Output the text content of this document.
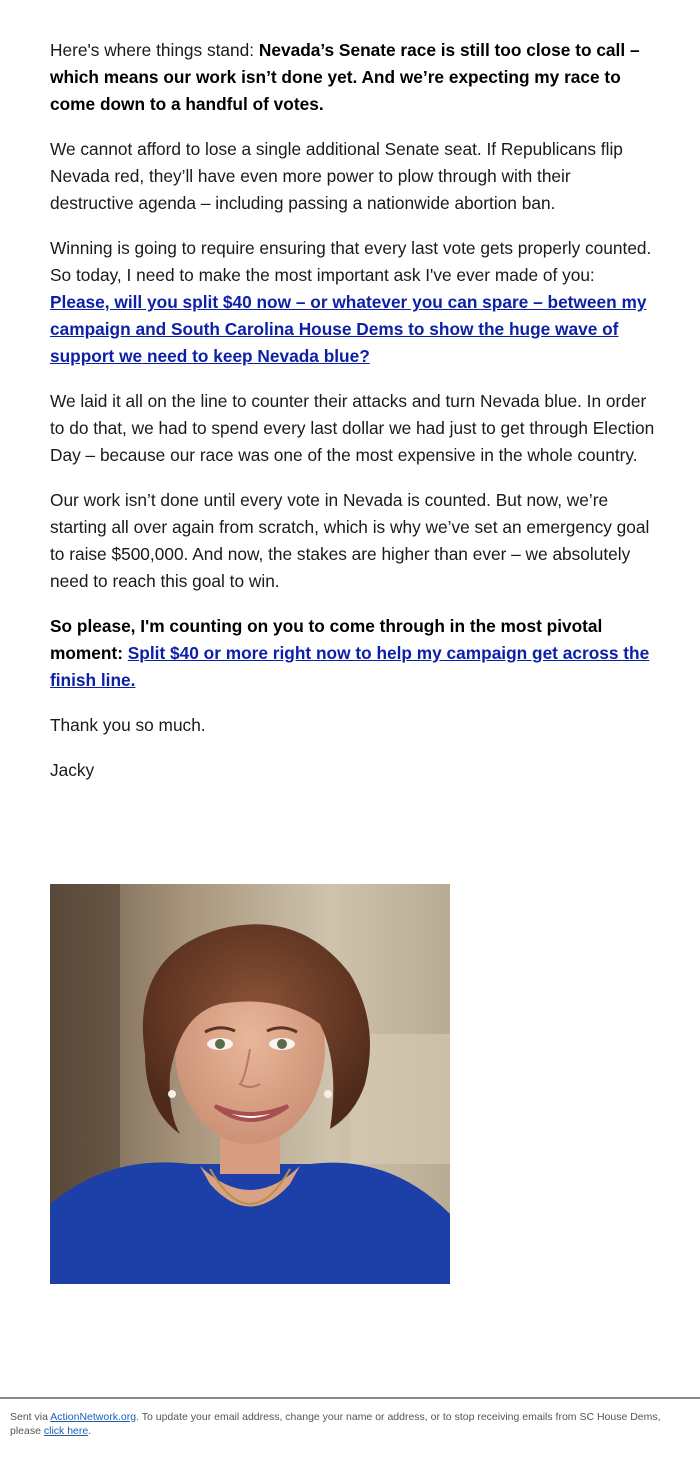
Here's where things stand: Nevada’s Senate race is still too close to call – which means our work isn’t done yet. And we’re expecting my race to come down to a handful of votes.

We cannot afford to lose a single additional Senate seat. If Republicans flip Nevada red, they’ll have even more power to plow through with their destructive agenda – including passing a nationwide abortion ban.

Winning is going to require ensuring that every last vote gets properly counted. So today, I need to make the most important ask I've ever made of you: Please, will you split $40 now – or whatever you can spare – between my campaign and South Carolina House Dems to show the huge wave of support we need to keep Nevada blue?

We laid it all on the line to counter their attacks and turn Nevada blue. In order to do that, we had to spend every last dollar we had just to get through Election Day – because our race was one of the most expensive in the whole country.

Our work isn’t done until every vote in Nevada is counted. But now, we’re starting all over again from scratch, which is why we’ve set an emergency goal to raise $500,000. And now, the stakes are higher than ever – we absolutely need to reach this goal to win.

So please, I'm counting on you to come through in the most pivotal moment: Split $40 or more right now to help my campaign get across the finish line.

Thank you so much.

Jacky

Sent via ActionNetwork.org. To update your email address, change your name or address, or to stop receiving emails from SC House Dems, please click here.
